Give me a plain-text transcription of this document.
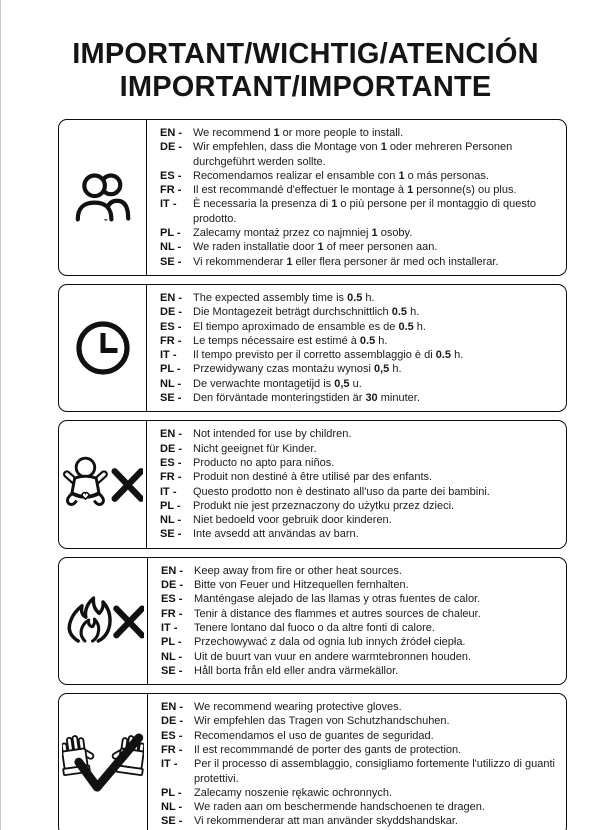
IMPORTANT/WICHTIG/ATENCIÓN
IMPORTANT/IMPORTANTE
EN -	We recommend 1 or more people to install.
DE -	Wir empfehlen, dass die Montage von 1 oder mehreren Personen durchgeführt werden sollte.
ES -	Recomendamos realizar el ensamble con 1 o más personas.
FR -	Il est recommandé d'effectuer le montage à 1 personne(s) ou plus.
IT -	È necessaria la presenza di 1 o più persone per il montaggio di questo prodotto.
PL -	Zalecamy montaż przez co najmniej 1 osoby.
NL -	We raden installatie door 1 of meer personen aan.
SE -	Vi rekommenderar 1 eller flera personer är med och installerar.
EN -	The expected assembly time is 0.5 h.
DE -	Die Montagezeit beträgt durchschnittlich 0.5 h.
ES -	El tiempo aproximado de ensamble es de 0.5 h.
FR -	Le temps nécessaire est estimé à 0.5 h.
IT -	Il tempo previsto per il corretto assemblaggio è di 0.5 h.
PL -	Przewidywany czas montażu wynosi 0,5 h.
NL -	De verwachte montagetijd is 0,5 u.
SE -	Den förväntade monteringstiden är 30 minuter.
EN -	Not intended for use by children.
DE -	Nicht geeignet für Kinder.
ES -	Producto no apto para niños.
FR -	Produit non destiné à être utilisé par des enfants.
IT -	Questo prodotto non è destinato all'uso da parte dei bambini.
PL -	Produkt nie jest przeznaczony do użytku przez dzieci.
NL -	Niet bedoeld voor gebruik door kinderen.
SE -	Inte avsedd att användas av barn.
EN -	Keep away from fire or other heat sources.
DE -	Bitte von Feuer und Hitzequellen fernhalten.
ES -	Manténgase alejado de las llamas y otras fuentes de calor.
FR -	Tenir à distance des flammes et autres sources de chaleur.
IT -	Tenere lontano dal fuoco o da altre fonti di calore.
PL -	Przechowywać z dala od ognia lub innych źródeł ciepła.
NL -	Uit de buurt van vuur en andere warmtebronnen houden.
SE -	Håll borta från eld eller andra värmekällor.
EN -	We recommend wearing protective gloves.
DE -	Wir empfehlen das Tragen von Schutzhandschuhen.
ES -	Recomendamos el uso de guantes de seguridad.
FR -	Il est recommmandé de porter des gants de protection.
IT -	Per il processo di assemblaggio, consigliamo fortemente l'utilizzo di guanti protettivi.
PL -	Zalecamy noszenie rękawic ochronnych.
NL -	We raden aan om beschermende handschoenen te dragen.
SE -	Vi rekommenderar att man använder skyddshandskar.
